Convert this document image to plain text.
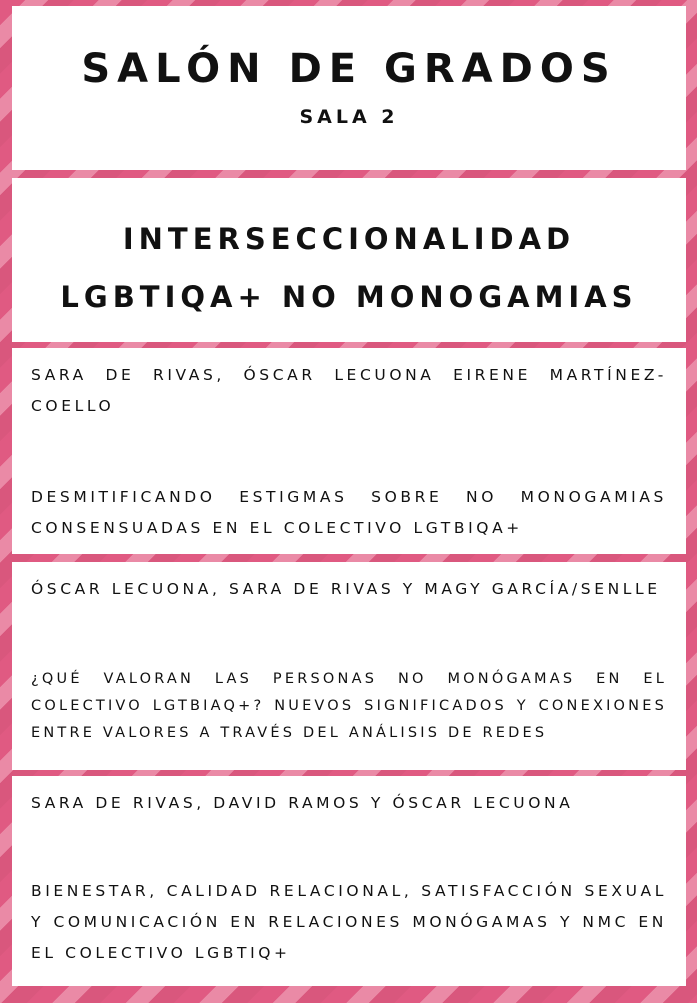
SALÓN DE GRADOS
SALA 2
INTERSECCIONALIDAD
LGBTIQA+ NO MONOGAMIAS
SARA DE RIVAS, ÓSCAR LECUONA EIRENE MARTÍNEZ-COELLO
DESMITIFICANDO ESTIGMAS SOBRE NO MONOGAMIAS CONSENSUADAS EN EL COLECTIVO LGTBIQA+
ÓSCAR LECUONA, SARA DE RIVAS Y MAGY GARCÍA/SENLLE
¿QUÉ VALORAN LAS PERSONAS NO MONÓGAMAS EN EL COLECTIVO LGTBIAQ+? NUEVOS SIGNIFICADOS Y CONEXIONES ENTRE VALORES A TRAVÉS DEL ANÁLISIS DE REDES
SARA DE RIVAS, DAVID RAMOS Y ÓSCAR LECUONA
BIENESTAR, CALIDAD RELACIONAL, SATISFACCIÓN SEXUAL Y COMUNICACIÓN EN RELACIONES MONÓGAMAS Y NMC EN EL COLECTIVO LGBTIQ+
